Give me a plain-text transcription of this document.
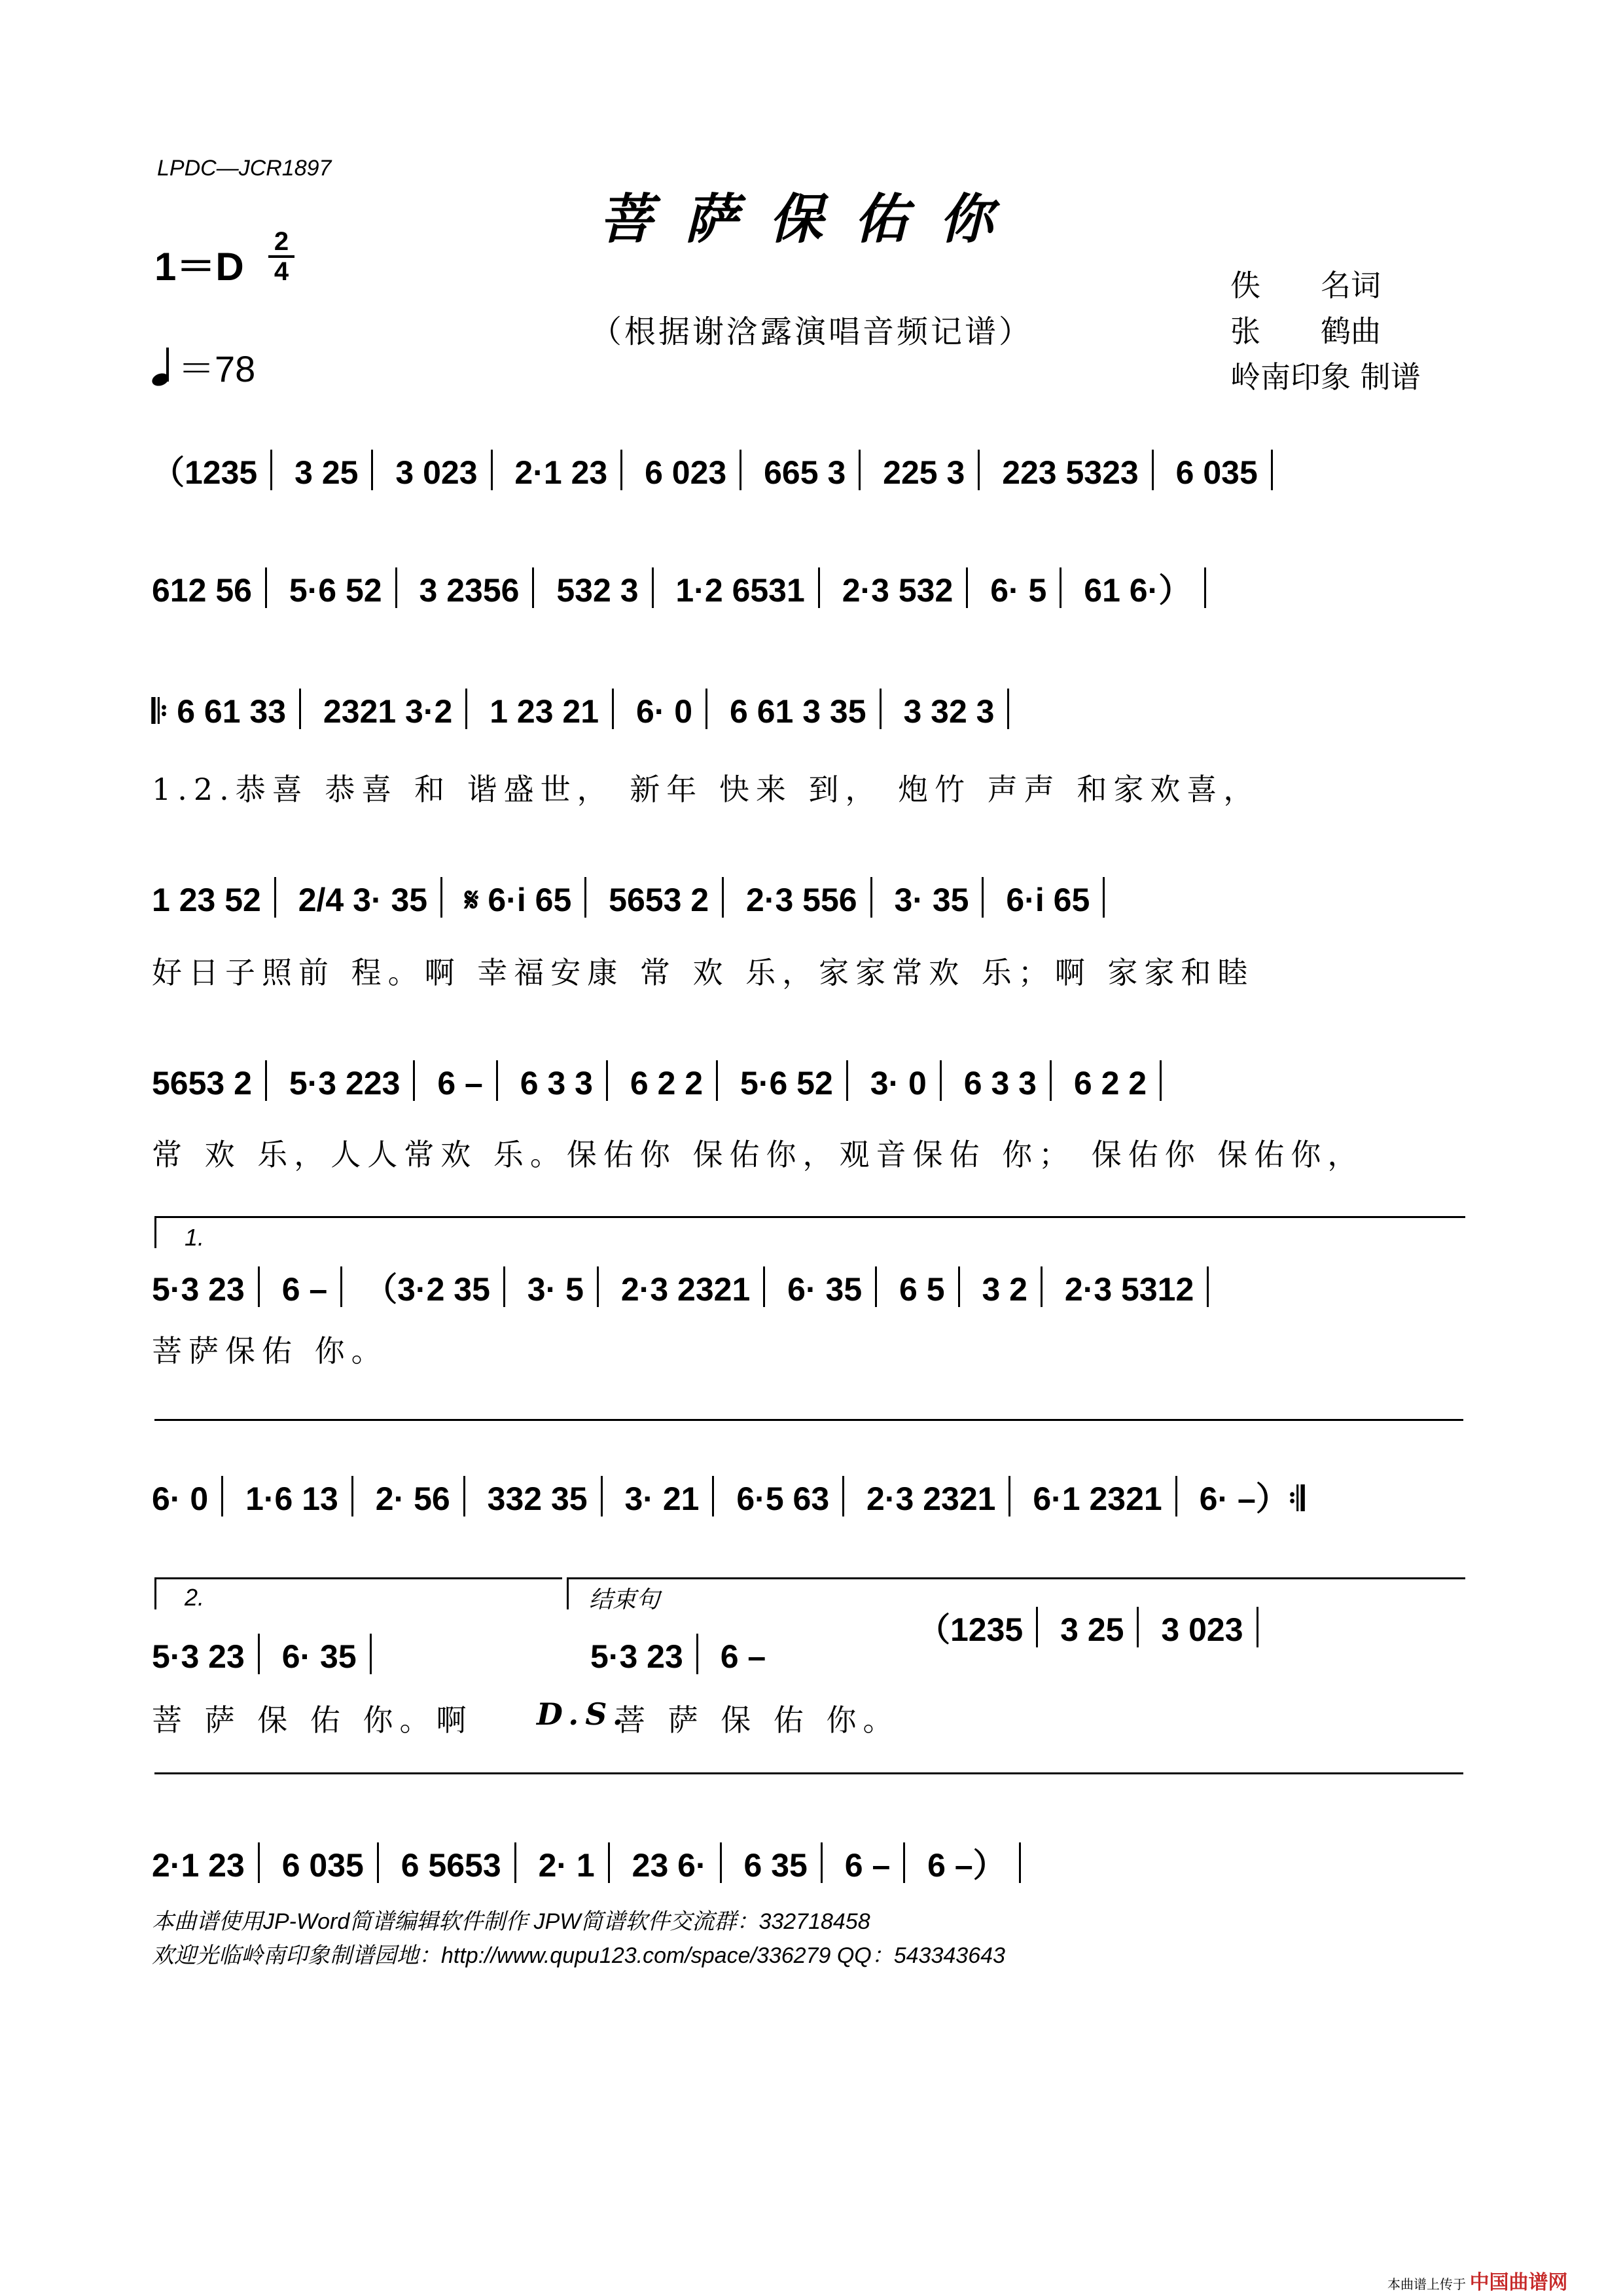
LPDC—JCR1897
菩萨保佑你
1＝D
2
4
（根据谢浛露演唱音频记谱）
＝78
佚　　名词
张　　鹤曲
岭南印象 制谱
（1235 3 25 3 023 2·1 23 6 023 665 3 225 3 223 5323 6 035
612 56 5·6 52 3 2356 532 3 1·2 6531 2·3 532 6· 5 61 6·）
𝄆 6 61 33 2321 3·2 1 23 21 6· 0 6 61 3 35 3 32 3
1.2.恭喜 恭喜 和 谐盛世， 新年 快来 到， 炮竹 声声 和家欢喜，
1 23 52 2/4 3· 35 𝄋 6·i 65 5653 2 2·3 556 3· 35 6·i 65
好日子照前 程。啊 幸福安康 常 欢 乐，家家常欢 乐；啊 家家和睦
5653 2 5·3 223 6 – 6 3 3 6 2 2 5·6 52 3· 0 6 3 3 6 2 2
常 欢 乐，人人常欢 乐。保佑你 保佑你，观音保佑 你； 保佑你 保佑你，
1.
5·3 23 6 – （3·2 35 3· 5 2·3 2321 6· 35 6 5 3 2 2·3 5312
菩萨保佑 你。
6· 0 1·6 13 2· 56 332 35 3· 21 6·5 63 2·3 2321 6·1 2321 6· –）𝄇
2.	结束句
5·3 23 6· 35	5·3 23 6 –
（1235 3 25 3 023
菩 萨 保 佑 你。啊	D.S.
菩 萨 保 佑 你。
2·1 23 6 035 6 5653 2· 1 23 6· 6 35 6 – 6 –）
本曲谱使用JP-Word简谱编辑软件制作 JPW简谱软件交流群：332718458
欢迎光临岭南印象制谱园地：http://www.qupu123.com/space/336279 QQ：543343643
本曲谱上传于 中国曲谱网
